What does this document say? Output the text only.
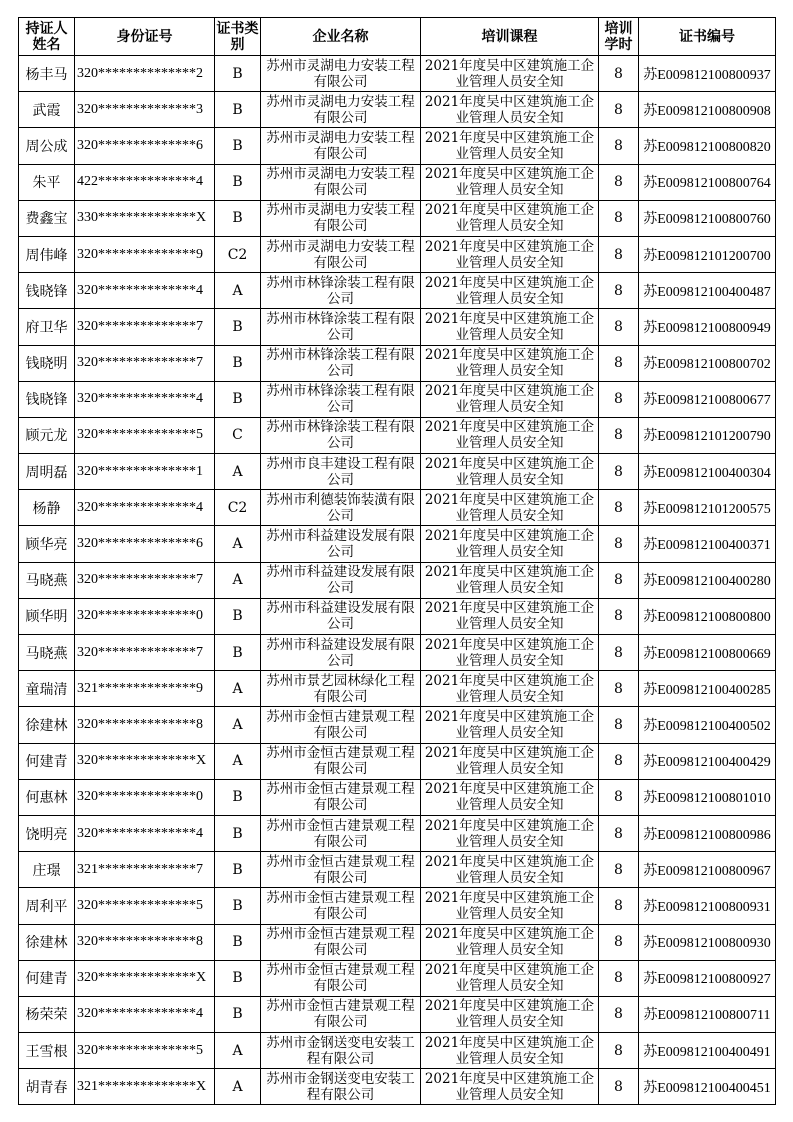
持证人姓名	身份证号	证书类别	企业名称	培训课程	培训学时	证书编号
杨丰马	320**************2	B	苏州市灵湖电力安装工程有限公司	2021年度吴中区建筑施工企业管理人员安全知	8	苏E009812100800937
武霞	320**************3	B	苏州市灵湖电力安装工程有限公司	2021年度吴中区建筑施工企业管理人员安全知	8	苏E009812100800908
周公成	320**************6	B	苏州市灵湖电力安装工程有限公司	2021年度吴中区建筑施工企业管理人员安全知	8	苏E009812100800820
朱平	422**************4	B	苏州市灵湖电力安装工程有限公司	2021年度吴中区建筑施工企业管理人员安全知	8	苏E009812100800764
费鑫宝	330**************X	B	苏州市灵湖电力安装工程有限公司	2021年度吴中区建筑施工企业管理人员安全知	8	苏E009812100800760
周伟峰	320**************9	C2	苏州市灵湖电力安装工程有限公司	2021年度吴中区建筑施工企业管理人员安全知	8	苏E009812101200700
钱晓锋	320**************4	A	苏州市林锋涂装工程有限公司	2021年度吴中区建筑施工企业管理人员安全知	8	苏E009812100400487
府卫华	320**************7	B	苏州市林锋涂装工程有限公司	2021年度吴中区建筑施工企业管理人员安全知	8	苏E009812100800949
钱晓明	320**************7	B	苏州市林锋涂装工程有限公司	2021年度吴中区建筑施工企业管理人员安全知	8	苏E009812100800702
钱晓锋	320**************4	B	苏州市林锋涂装工程有限公司	2021年度吴中区建筑施工企业管理人员安全知	8	苏E009812100800677
顾元龙	320**************5	C	苏州市林锋涂装工程有限公司	2021年度吴中区建筑施工企业管理人员安全知	8	苏E009812101200790
周明磊	320**************1	A	苏州市良丰建设工程有限公司	2021年度吴中区建筑施工企业管理人员安全知	8	苏E009812100400304
杨静	320**************4	C2	苏州市利德装饰装潢有限公司	2021年度吴中区建筑施工企业管理人员安全知	8	苏E009812101200575
顾华亮	320**************6	A	苏州市科益建设发展有限公司	2021年度吴中区建筑施工企业管理人员安全知	8	苏E009812100400371
马晓燕	320**************7	A	苏州市科益建设发展有限公司	2021年度吴中区建筑施工企业管理人员安全知	8	苏E009812100400280
顾华明	320**************0	B	苏州市科益建设发展有限公司	2021年度吴中区建筑施工企业管理人员安全知	8	苏E009812100800800
马晓燕	320**************7	B	苏州市科益建设发展有限公司	2021年度吴中区建筑施工企业管理人员安全知	8	苏E009812100800669
童瑞清	321**************9	A	苏州市景艺园林绿化工程有限公司	2021年度吴中区建筑施工企业管理人员安全知	8	苏E009812100400285
徐建林	320**************8	A	苏州市金恒古建景观工程有限公司	2021年度吴中区建筑施工企业管理人员安全知	8	苏E009812100400502
何建青	320**************X	A	苏州市金恒古建景观工程有限公司	2021年度吴中区建筑施工企业管理人员安全知	8	苏E009812100400429
何惠林	320**************0	B	苏州市金恒古建景观工程有限公司	2021年度吴中区建筑施工企业管理人员安全知	8	苏E009812100801010
饶明亮	320**************4	B	苏州市金恒古建景观工程有限公司	2021年度吴中区建筑施工企业管理人员安全知	8	苏E009812100800986
庄璟	321**************7	B	苏州市金恒古建景观工程有限公司	2021年度吴中区建筑施工企业管理人员安全知	8	苏E009812100800967
周利平	320**************5	B	苏州市金恒古建景观工程有限公司	2021年度吴中区建筑施工企业管理人员安全知	8	苏E009812100800931
徐建林	320**************8	B	苏州市金恒古建景观工程有限公司	2021年度吴中区建筑施工企业管理人员安全知	8	苏E009812100800930
何建青	320**************X	B	苏州市金恒古建景观工程有限公司	2021年度吴中区建筑施工企业管理人员安全知	8	苏E009812100800927
杨荣荣	320**************4	B	苏州市金恒古建景观工程有限公司	2021年度吴中区建筑施工企业管理人员安全知	8	苏E009812100800711
王雪根	320**************5	A	苏州市金钢送变电安装工程有限公司	2021年度吴中区建筑施工企业管理人员安全知	8	苏E009812100400491
胡青春	321**************X	A	苏州市金钢送变电安装工程有限公司	2021年度吴中区建筑施工企业管理人员安全知	8	苏E009812100400451
